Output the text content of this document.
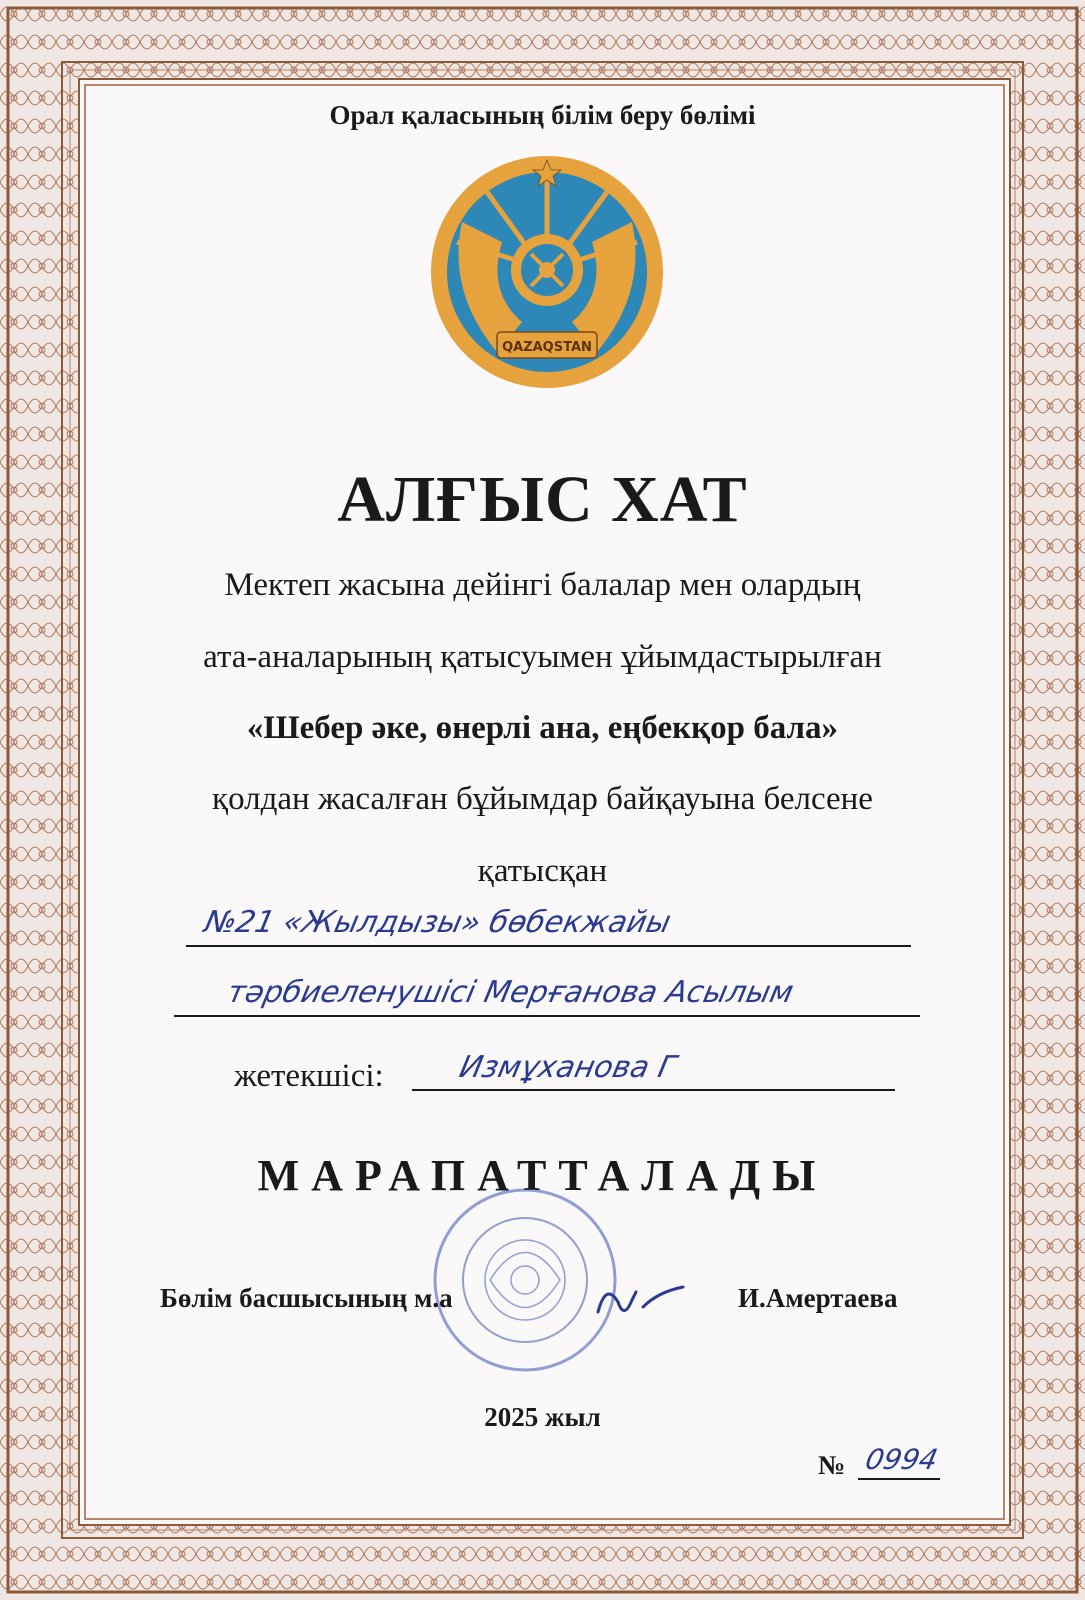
Орал қаласының білім беру бөлімі
QAZAQSTAN
АЛҒЫС ХАТ
Мектеп жасына дейінгі балалар мен олардың
ата-аналарының қатысуымен ұйымдастырылған
«Шебер әке, өнерлі ана, еңбекқор бала»
қолдан жасалған бұйымдар байқауына белсене
қатысқан
№21 «Жылдызы» бөбекжайы
тәрбиеленушісі Мерғанова Асылым
жетекшісі: Измұханова Г
МАРАПАТТАЛАДЫ
Бөлім басшысының м.а	И.Амертаева
2025 жыл
№ 0994
